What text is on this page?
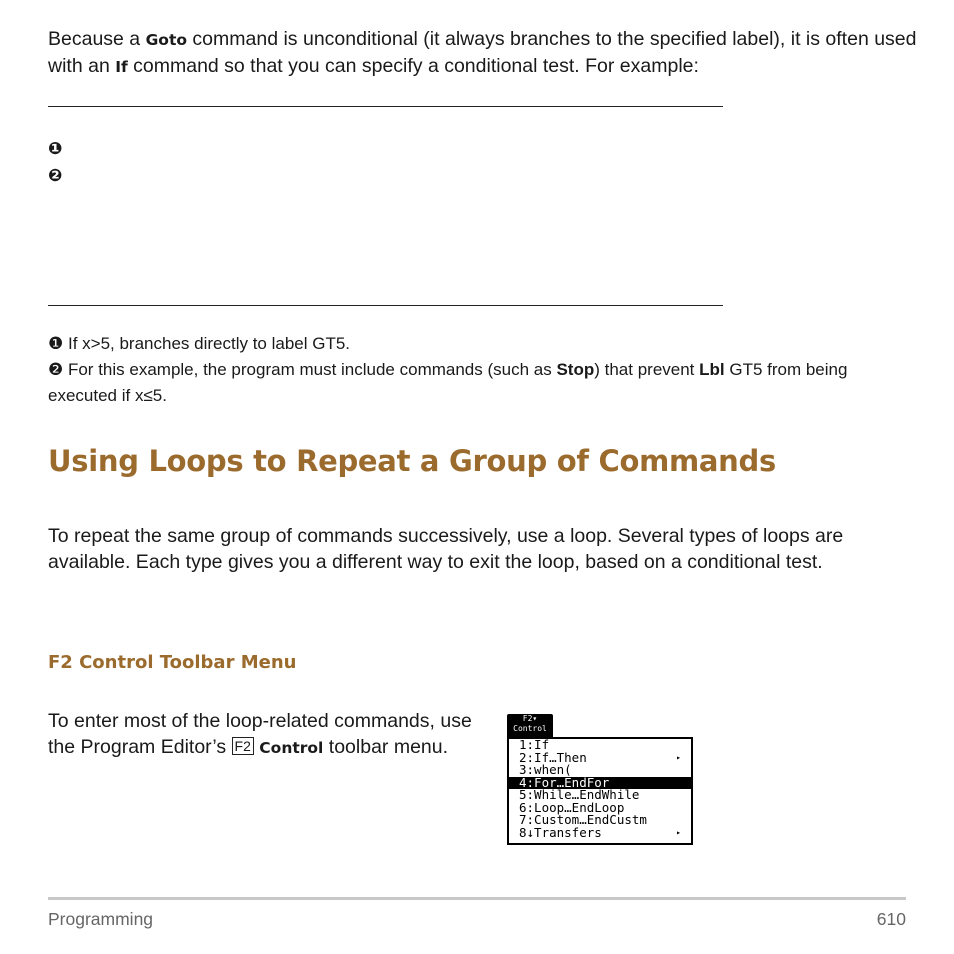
Because a Goto command is unconditional (it always branches to the specified label), it is often used with an If command so that you can specify a conditional test. For example:
❶
❷
❶ If x>5, branches directly to label GT5.
❷ For this example, the program must include commands (such as Stop) that prevent Lbl GT5 from being executed if x≤5.
Using Loops to Repeat a Group of Commands
To repeat the same group of commands successively, use a loop. Several types of loops are available. Each type gives you a different way to exit the loop, based on a conditional test.
F2 Control Toolbar Menu
To enter most of the loop-related commands, use the Program Editor’s F2 Control toolbar menu.
F2▾
Control
1:If
2:If…Then	▸
3:when(
4:For…EndFor
5:While…EndWhile
6:Loop…EndLoop
7:Custom…EndCustm
8↓Transfers	▸
Programming	610
